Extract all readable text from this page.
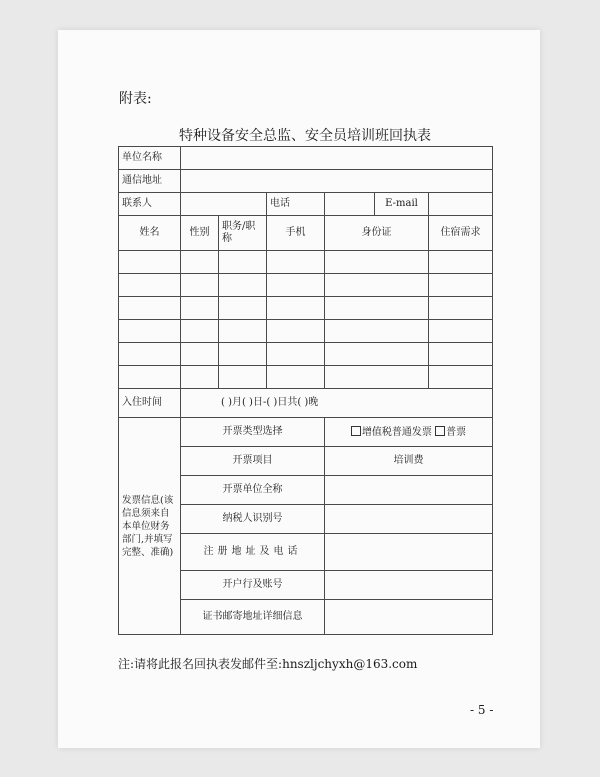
附表:
特种设备安全总监、安全员培训班回执表
单位名称						
通信地址						
联系人			电话		E-mail	
姓名	性别	职务/职称	手机	身份证		住宿需求

入住时间	( )月( )日-( )日共( )晚					
发票信息(该信息须来自本单位财务部门,并填写完整、准确)	开票类型选择			增值税普通发票 普票		
	开票项目			培训费		
	开票单位全称					
	纳税人识别号					
	注册地址及电话					
	开户行及账号					
	证书邮寄地址详细信息					
注:请将此报名回执表发邮件至:hnszljchyxh@163.com
- 5 -
